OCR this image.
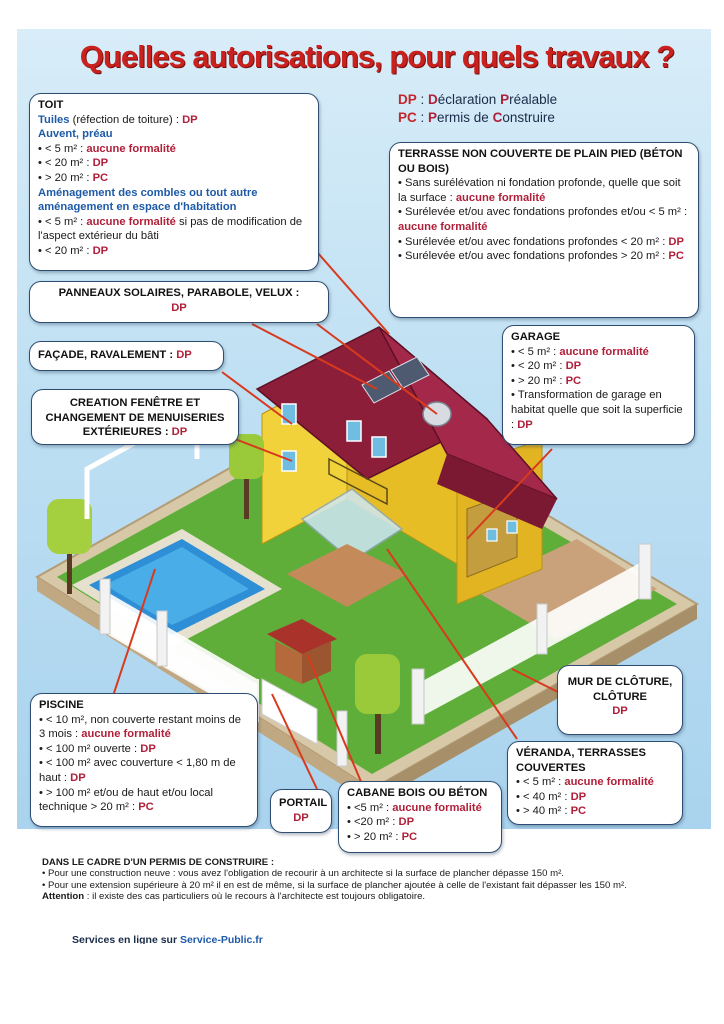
Quelles autorisations, pour quels travaux ?
DP : Déclaration Préalable
PC : Permis de Construire
TOIT
Tuiles (réfection de toiture) : DP
Auvent, préau
• < 5 m² : aucune formalité
• < 20 m² : DP
• > 20 m² : PC
Aménagement des combles ou tout autre aménagement en espace d'habitation
• < 5 m² : aucune formalité si pas de modification de l'aspect extérieur du bâti
• < 20 m² : DP
TERRASSE NON COUVERTE DE PLAIN PIED (BÉTON OU BOIS)
• Sans surélévation ni fondation profonde, quelle que soit la surface : aucune formalité
• Surélevée et/ou avec fondations profondes et/ou < 5 m² : aucune formalité
• Surélevée et/ou avec fondations profondes < 20 m² : DP
• Surélevée et/ou avec fondations profondes > 20 m² : PC
PANNEAUX SOLAIRES, PARABOLE, VELUX :
DP
FAÇADE, RAVALEMENT : DP
CREATION FENÊTRE ET CHANGEMENT DE MENUISERIES EXTÉRIEURES : DP
GARAGE
• < 5 m² : aucune formalité
• < 20 m² : DP
• > 20 m² : PC
• Transformation de garage en habitat quelle que soit la superficie : DP
MUR DE CLÔTURE, CLÔTURE
DP
PISCINE
• < 10 m², non couverte restant moins de 3 mois : aucune formalité
• < 100 m² ouverte : DP
• < 100 m² avec couverture < 1,80 m de haut : DP
• > 100 m² et/ou de haut et/ou local technique > 20 m² : PC	PORTAIL
DP
CABANE BOIS OU BÉTON
• <5 m² : aucune formalité
• <20 m² : DP
• > 20 m² : PC
VÉRANDA, TERRASSES COUVERTES
• < 5 m² : aucune formalité
• < 40 m² : DP
• > 40 m² : PC
DANS LE CADRE D'UN PERMIS DE CONSTRUIRE :
• Pour une construction neuve : vous avez l'obligation de recourir à un architecte si la surface de plancher dépasse 150 m².
• Pour une extension supérieure à 20 m² il en est de même, si la surface de plancher ajoutée à celle de l'existant fait dépasser les 150 m².
Attention : il existe des cas particuliers où le recours à l'architecte est toujours obligatoire.
Services en ligne sur Service-Public.fr
